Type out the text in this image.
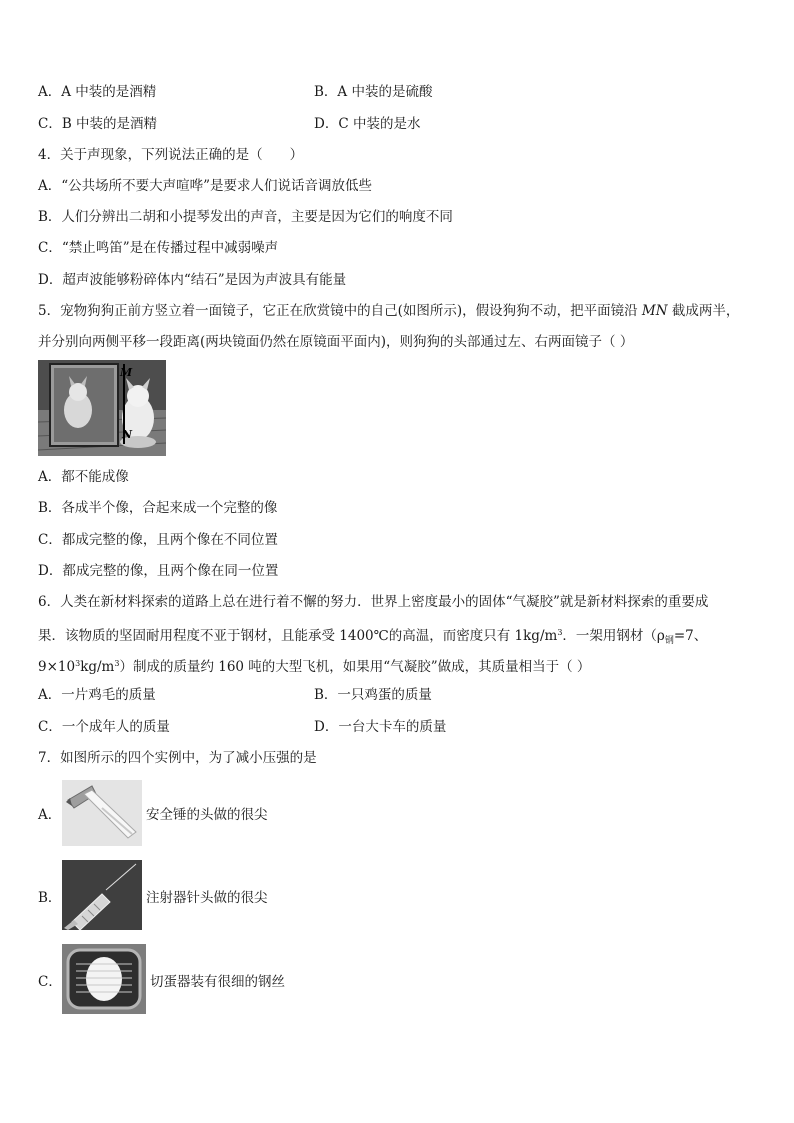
A．A 中装的是酒精	B．A 中装的是硫酸
C．B 中装的是酒精	D．C 中装的是水
4．关于声现象，下列说法正确的是（　　）
A．“公共场所不要大声喧哗”是要求人们说话音调放低些
B．人们分辨出二胡和小提琴发出的声音，主要是因为它们的响度不同
C．“禁止鸣笛”是在传播过程中减弱噪声
D．超声波能够粉碎体内“结石”是因为声波具有能量
5．宠物狗狗正前方竖立着一面镜子，它正在欣赏镜中的自己(如图所示)，假设狗狗不动，把平面镜沿 MN 截成两半，
并分别向两侧平移一段距离(两块镜面仍然在原镜面平面内)，则狗狗的头部通过左、右两面镜子（ ）
M
N
A．都不能成像
B．各成半个像，合起来成一个完整的像
C．都成完整的像，且两个像在不同位置
D．都成完整的像，且两个像在同一位置
6．人类在新材料探索的道路上总在进行着不懈的努力．世界上密度最小的固体“气凝胶”就是新材料探索的重要成
果．该物质的坚固耐用程度不亚于钢材，且能承受 1400℃的高温，而密度只有 $1kg/m^3$．一架用钢材（$\rho_钢=7$、
$9\times 10^3kg/m^3$）制成的质量约 160 吨的大型飞机，如果用“气凝胶”做成，其质量相当于（ ）
A．一片鸡毛的质量	B．一只鸡蛋的质量
C．一个成年人的质量	D．一台大卡车的质量
7．如图所示的四个实例中，为了减小压强的是
A．	安全锤的头做的很尖
B．	注射器针头做的很尖
C．	切蛋器装有很细的钢丝
